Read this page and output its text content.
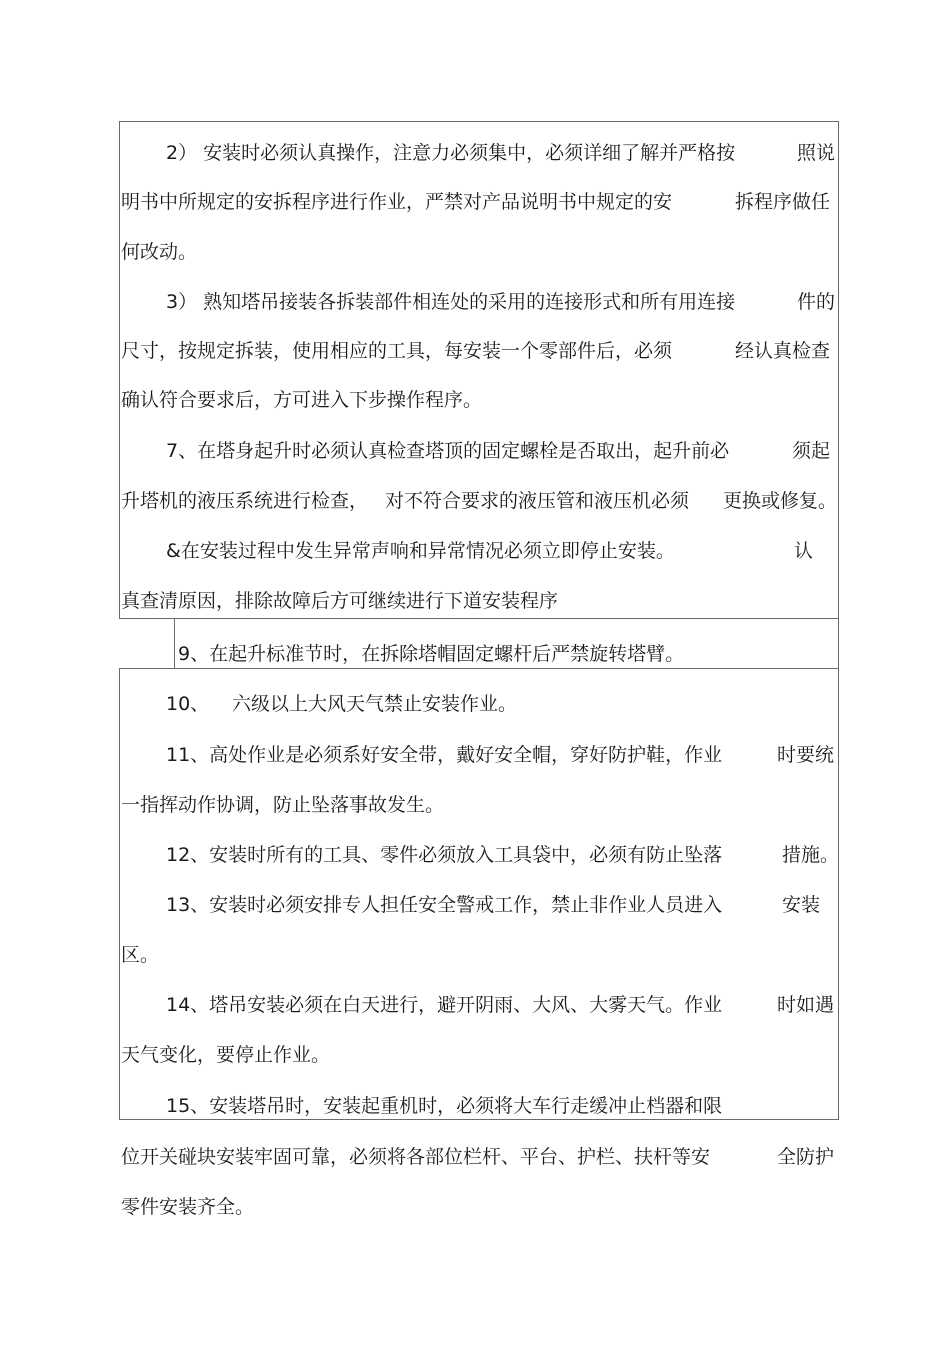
2） 安装时必须认真操作，注意力必须集中，必须详细了解并严格按	照说
明书中所规定的安拆程序进行作业，严禁对产品说明书中规定的安	拆程序做任
何改动。
3） 熟知塔吊接装各拆装部件相连处的采用的连接形式和所有用连接	件的
尺寸，按规定拆装，使用相应的工具，每安装一个零部件后，必须	经认真检查
确认符合要求后，方可进入下步操作程序。
7、在塔身起升时必须认真检查塔顶的固定螺栓是否取出，起升前必	须起
升塔机的液压系统进行检查， 对不符合要求的液压管和液压机必须 更换或修复。
&在安装过程中发生异常声响和异常情况必须立即停止安装。	认
真查清原因，排除故障后方可继续进行下道安装程序
9、在起升标准节时，在拆除塔帽固定螺杆后严禁旋转塔臂。
10、 六级以上大风天气禁止安装作业。
11、高处作业是必须系好安全带，戴好安全帽，穿好防护鞋，作业	时要统
一指挥动作协调，防止坠落事故发生。
12、安装时所有的工具、零件必须放入工具袋中，必须有防止坠落	措施。
13、安装时必须安排专人担任安全警戒工作，禁止非作业人员进入	安装
区。
14、塔吊安装必须在白天进行，避开阴雨、大风、大雾天气。作业	时如遇
天气变化，要停止作业。
15、安装塔吊时，安装起重机时，必须将大车行走缓冲止档器和限
位开关碰块安装牢固可靠，必须将各部位栏杆、平台、护栏、扶杆等安	全防护
零件安装齐全。
